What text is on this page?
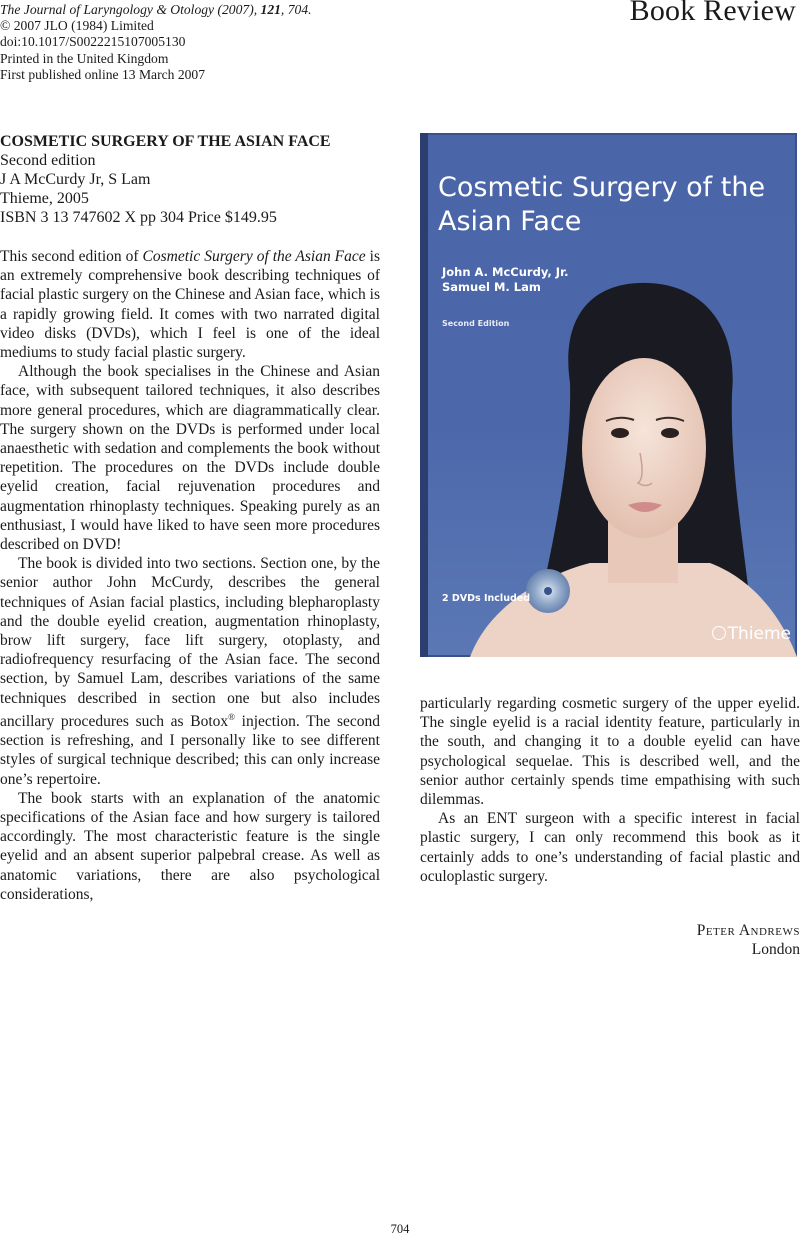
The Journal of Laryngology & Otology (2007), 121, 704.
© 2007 JLO (1984) Limited
doi:10.1017/S0022215107005130
Printed in the United Kingdom
First published online 13 March 2007
Book Review
COSMETIC SURGERY OF THE ASIAN FACE
Second edition
J A McCurdy Jr, S Lam
Thieme, 2005
ISBN 3 13 747602 X pp 304 Price $149.95

This second edition of Cosmetic Surgery of the Asian Face is an extremely comprehensive book describing techniques of facial plastic surgery on the Chinese and Asian face, which is a rapidly growing field. It comes with two narrated digital video disks (DVDs), which I feel is one of the ideal mediums to study facial plastic surgery.

Although the book specialises in the Chinese and Asian face, with subsequent tailored techniques, it also describes more general procedures, which are diagrammatically clear. The surgery shown on the DVDs is performed under local anaesthetic with sedation and complements the book without repetition. The procedures on the DVDs include double eyelid creation, facial rejuvenation procedures and augmentation rhinoplasty techniques. Speaking purely as an enthusiast, I would have liked to have seen more procedures described on DVD!

The book is divided into two sections. Section one, by the senior author John McCurdy, describes the general techniques of Asian facial plastics, including blepharoplasty and the double eyelid creation, augmentation rhinoplasty, brow lift surgery, face lift surgery, otoplasty, and radiofrequency resurfacing of the Asian face. The second section, by Samuel Lam, describes variations of the same techniques described in section one but also includes ancillary procedures such as Botox® injection. The second section is refreshing, and I personally like to see different styles of surgical technique described; this can only increase one’s repertoire.

The book starts with an explanation of the anatomic specifications of the Asian face and how surgery is tailored accordingly. The most characteristic feature is the single eyelid and an absent superior palpebral crease. As well as anatomic variations, there are also psychological considerations,

Cosmetic Surgery of the Asian Face
John A. McCurdy, Jr.
Samuel M. Lam
Second Edition
2 DVDs Included
Thieme

particularly regarding cosmetic surgery of the upper eyelid. The single eyelid is a racial identity feature, particularly in the south, and changing it to a double eyelid can have psychological sequelae. This is described well, and the senior author certainly spends time empathising with such dilemmas.

As an ENT surgeon with a specific interest in facial plastic surgery, I can only recommend this book as it certainly adds to one’s understanding of facial plastic and oculoplastic surgery.

Peter Andrews
London
704
